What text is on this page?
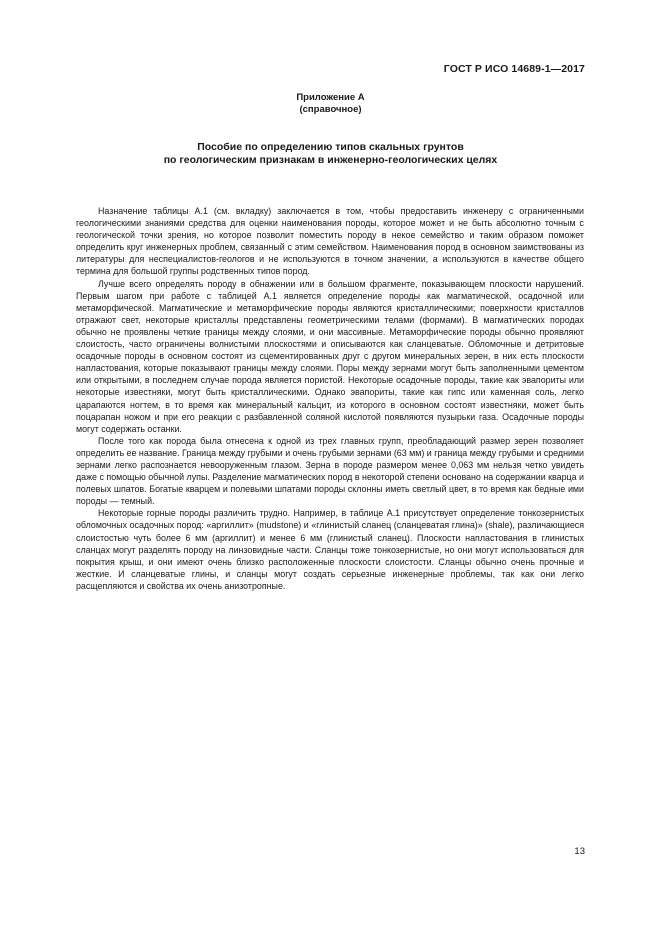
ГОСТ Р ИСО 14689-1—2017
Приложение А
(справочное)
Пособие по определению типов скальных грунтов
по геологическим признакам в инженерно-геологических целях

Назначение таблицы А.1 (см. вкладку) заключается в том, чтобы предоставить инженеру с ограниченными геологическими знаниями средства для оценки наименования породы, которое может и не быть абсолютно точным с геологической точки зрения, но которое позволит поместить породу в некое семейство и таким образом поможет определить круг инженерных проблем, связанный с этим семейством. Наименования пород в основном заимствованы из литературы для неспециалистов-геологов и не используются в точном значении, а используются в качестве общего термина для большой группы родственных типов пород.

Лучше всего определять породу в обнажении или в большом фрагменте, показывающем плоскости нарушений. Первым шагом при работе с таблицей А.1 является определение породы как магматической, осадочной или метаморфической. Магматические и метаморфические породы являются кристаллическими; поверхности кристаллов отражают свет, некоторые кристаллы представлены геометрическими телами (формами). В магматических породах обычно не проявлены четкие границы между слоями, и они массивные. Метаморфические породы обычно проявляют слоистость, часто ограничены волнистыми плоскостями и описываются как сланцеватые. Обломочные и детритовые осадочные породы в основном состоят из сцементированных друг с другом минеральных зерен, в них есть плоскости напластования, которые показывают границы между слоями. Поры между зернами могут быть заполненными цементом или открытыми, в последнем случае порода является пористой. Некоторые осадочные породы, такие как эвапориты или некоторые известняки, могут быть кристаллическими. Однако эвапориты, такие как гипс или каменная соль, легко царапаются ногтем, в то время как минеральный кальцит, из которого в основном состоят известняки, может быть поцарапан ножом и при его реакции с разбавленной соляной кислотой появляются пузырьки газа. Осадочные породы могут содержать останки.

После того как порода была отнесена к одной из трех главных групп, преобладающий размер зерен позволяет определить ее название. Граница между грубыми и очень грубыми зернами (63 мм) и граница между грубыми и средними зернами легко распознается невооруженным глазом. Зерна в породе размером менее 0,063 мм нельзя четко увидеть даже с помощью обычной лупы. Разделение магматических пород в некоторой степени основано на содержании кварца и полевых шпатов. Богатые кварцем и полевыми шпатами породы склонны иметь светлый цвет, в то время как бедные ими породы — темный.

Некоторые горные породы различить трудно. Например, в таблице А.1 присутствует определение тонкозернистых обломочных осадочных пород: «аргиллит» (mudstone) и «глинистый сланец (сланцеватая глина)» (shale), различающиеся слоистостью чуть более 6 мм (аргиллит) и менее 6 мм (глинистый сланец). Плоскости напластования в глинистых сланцах могут разделять породу на линзовидные части. Сланцы тоже тонкозернистые, но они могут использоваться для покрытия крыш, и они имеют очень близко расположенные плоскости слоистости. Сланцы обычно очень прочные и жесткие. И сланцеватые глины, и сланцы могут создать серьезные инженерные проблемы, так как они легко расщепляются и свойства их очень анизотропные.

13
